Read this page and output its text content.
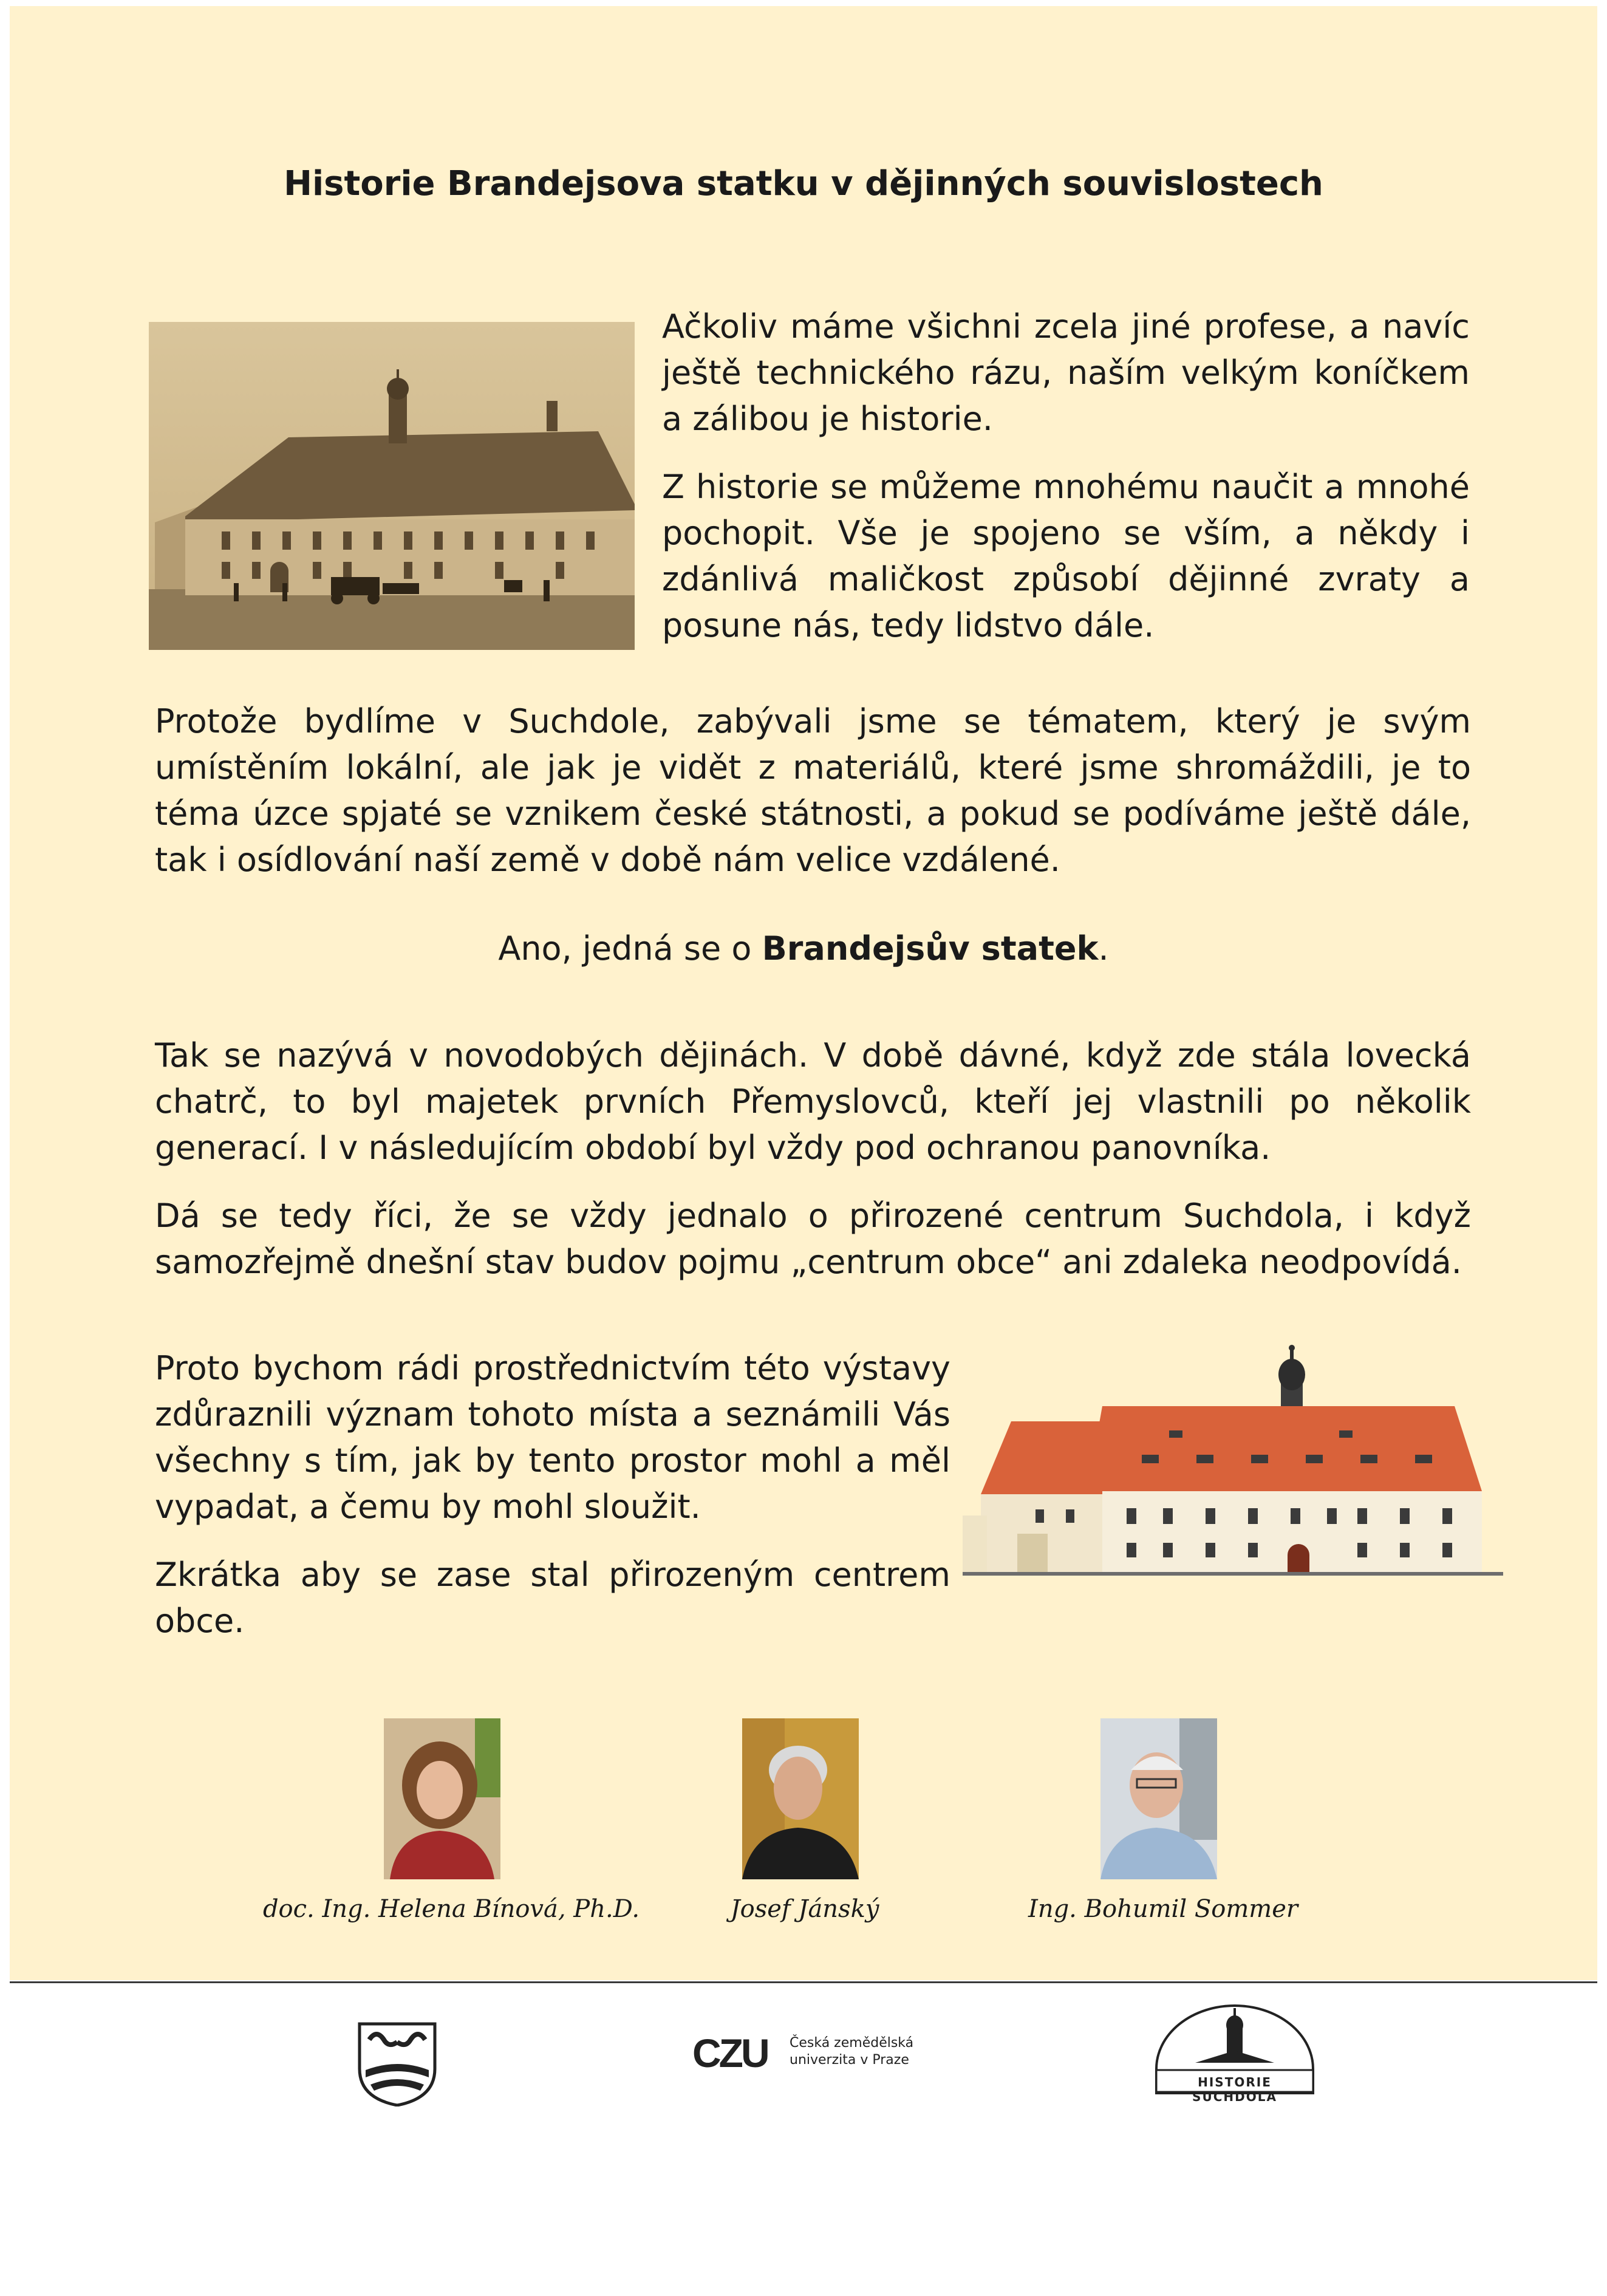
Historie Brandejsova statku v dějinných souvislostech

Ačkoliv máme všichni zcela jiné profese, a navíc ještě technického rázu, naším velkým koníčkem a zálibou je historie.

Z historie se můžeme mnohému naučit a mnohé pochopit. Vše je spojeno se vším, a někdy i zdánlivá maličkost způsobí dějinné zvraty a posune nás, tedy lidstvo dále.

Protože bydlíme v Suchdole, zabývali jsme se tématem, který je svým umístěním lokální, ale jak je vidět z materiálů, které jsme shromáždili, je to téma úzce spjaté se vznikem české státnosti, a pokud se podíváme ještě dále, tak i osídlování naší země v době nám velice vzdálené.

Ano, jedná se o Brandejsův statek.

Tak se nazývá v novodobých dějinách. V době dávné, když zde stála lovecká chatrč, to byl majetek prvních Přemyslovců, kteří jej vlastnili po několik generací. I v následujícím období byl vždy pod ochranou panovníka.

Dá se tedy říci, že se vždy jednalo o přirozené centrum Suchdola, i když samozřejmě dnešní stav budov pojmu „centrum obce“ ani zdaleka neodpovídá.

Proto bychom rádi prostřednictvím této výstavy zdůraznili význam tohoto místa a seznámili Vás všechny s tím, jak by tento prostor mohl a měl vypadat, a čemu by mohl sloužit.

Zkrátka aby se zase stal přirozeným centrem obce.

doc. Ing. Helena Bínová, Ph.D.	Josef Jánský	Ing. Bohumil Sommer
CZU Česká zemědělská
univerzita v Praze
HISTORIE SUCHDOLA
